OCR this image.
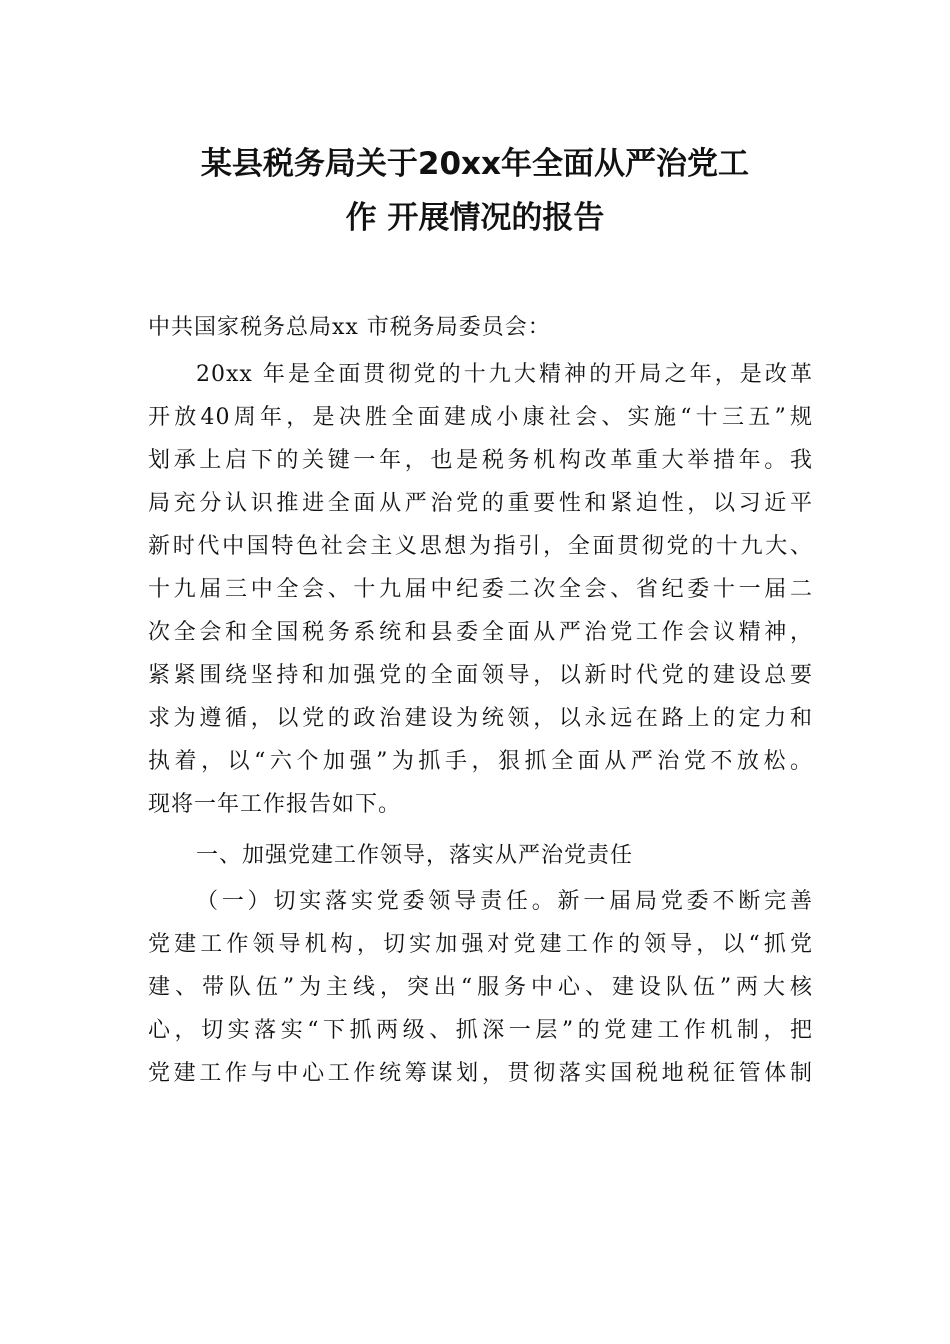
某县税务局关于20xx年全面从严治党工
作 开展情况的报告
中共国家税务总局xx 市税务局委员会：
20xx 年是全面贯彻党的十九大精神的开局之年，是改革
开放40周年，是决胜全面建成小康社会、实施“十三五”规
划承上启下的关键一年，也是税务机构改革重大举措年。我
局充分认识推进全面从严治党的重要性和紧迫性，以习近平
新时代中国特色社会主义思想为指引，全面贯彻党的十九大、
十九届三中全会、十九届中纪委二次全会、省纪委十一届二
次全会和全国税务系统和县委全面从严治党工作会议精神，
紧紧围绕坚持和加强党的全面领导，以新时代党的建设总要
求为遵循，以党的政治建设为统领，以永远在路上的定力和
执着，以“六个加强”为抓手，狠抓全面从严治党不放松。
现将一年工作报告如下。
一、加强党建工作领导，落实从严治党责任
（一）切实落实党委领导责任。新一届局党委不断完善
党建工作领导机构，切实加强对党建工作的领导，以“抓党
建、带队伍”为主线，突出“服务中心、建设队伍”两大核
心，切实落实“下抓两级、抓深一层”的党建工作机制，把
党建工作与中心工作统筹谋划，贯彻落实国税地税征管体制
